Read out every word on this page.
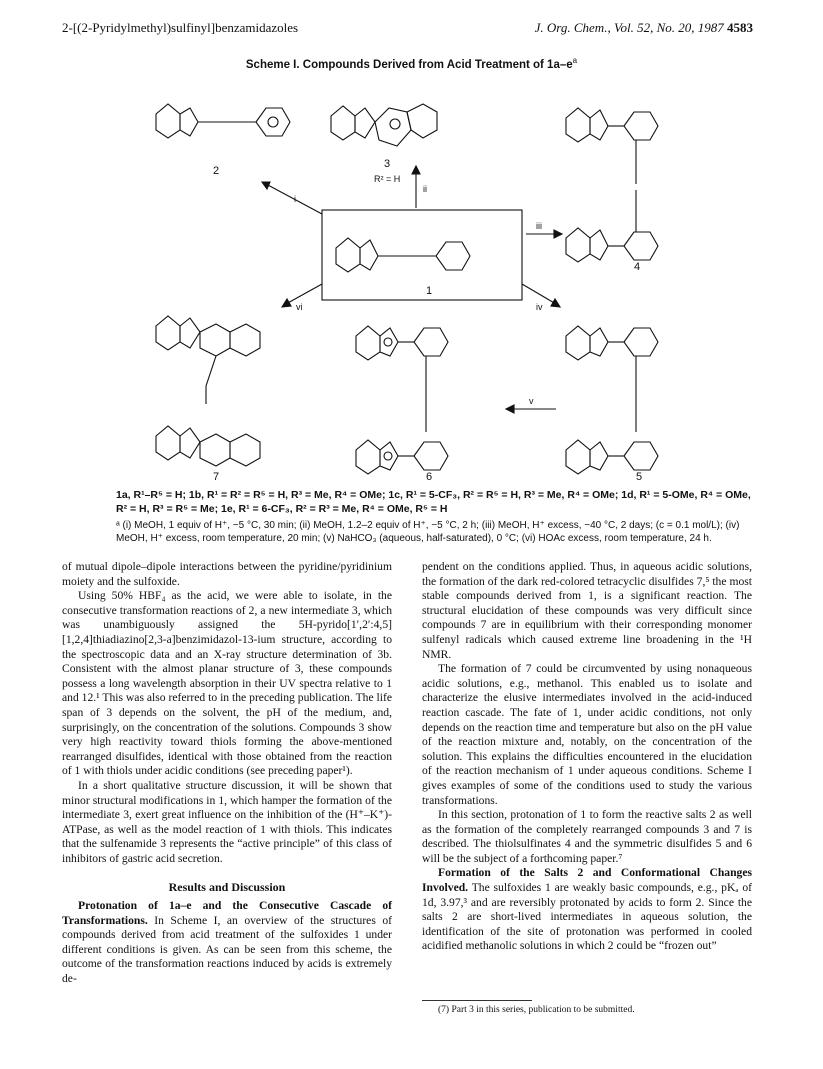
2-[(2-Pyridylmethyl)sulfinyl]benzamidazoles	J. Org. Chem., Vol. 52, No. 20, 1987 4583
Scheme I. Compounds Derived from Acid Treatment of $1a-e^a$
2
3
4
1
7	6	5
i
ii
iii
iv
v
vi
R² = H
1a, R¹–R⁵ = H; 1b, R¹ = R² = R⁵ = H, R³ = Me, R⁴ = OMe; 1c, R¹ = 5-CF₃, R² = R⁵ = H, R³ = Me, R⁴ = OMe; 1d, R¹ = 5-OMe, R⁴ = OMe, R² = H, R³ = R⁵ = Me; 1e, R¹ = 6-CF₃, R² = R³ = Me, R⁴ = OMe, R⁵ = H
ᵃ (i) MeOH, 1 equiv of H⁺, −5 °C, 30 min; (ii) MeOH, 1.2–2 equiv of H⁺, −5 °C, 2 h; (iii) MeOH, H⁺ excess, −40 °C, 2 days; (c = 0.1 mol/L); (iv) MeOH, H⁺ excess, room temperature, 20 min; (v) NaHCO₃ (aqueous, half-saturated), 0 °C; (vi) HOAc excess, room temperature, 24 h.

of mutual dipole–dipole interactions between the pyridine/pyridinium moiety and the sulfoxide.

Using 50% HBF₄ as the acid, we were able to isolate, in the consecutive transformation reactions of 2, a new intermediate 3, which was unambiguously assigned the 5H-pyrido[1′,2′:4,5][1,2,4]thiadiazino[2,3-a]benzimidazol-13-ium structure, according to the spectroscopic data and an X-ray structure determination of 3b. Consistent with the almost planar structure of 3, these compounds possess a long wavelength absorption in their UV spectra relative to 1 and 12.¹ This was also referred to in the preceding publication. The life span of 3 depends on the solvent, the pH of the medium, and, surprisingly, on the concentration of the solutions. Compounds 3 show very high reactivity toward thiols forming the above-mentioned rearranged disulfides, identical with those obtained from the reaction of 1 with thiols under acidic conditions (see preceding paper¹).

In a short qualitative structure discussion, it will be shown that minor structural modifications in 1, which hamper the formation of the intermediate 3, exert great influence on the inhibition of the (H⁺–K⁺)-ATPase, as well as the model reaction of 1 with thiols. This indicates that the sulfenamide 3 represents the “active principle” of this class of inhibitors of gastric acid secretion.

Results and Discussion

Protonation of 1a–e and the Consecutive Cascade of Transformations. In Scheme I, an overview of the structures of compounds derived from acid treatment of the sulfoxides 1 under different conditions is given. As can be seen from this scheme, the outcome of the transformation reactions induced by acids is extremely de-

pendent on the conditions applied. Thus, in aqueous acidic solutions, the formation of the dark red-colored tetracyclic disulfides 7,⁵ the most stable compounds derived from 1, is a significant reaction. The structural elucidation of these compounds was very difficult since compounds 7 are in equilibrium with their corresponding monomer sulfenyl radicals which caused extreme line broadening in the ¹H NMR.

The formation of 7 could be circumvented by using nonaqueous acidic solutions, e.g., methanol. This enabled us to isolate and characterize the elusive intermediates involved in the acid-induced reaction cascade. The fate of 1, under acidic conditions, not only depends on the reaction time and temperature but also on the pH value of the reaction mixture and, notably, on the concentration of the solution. This explains the difficulties encountered in the elucidation of the reaction mechanism of 1 under aqueous conditions. Scheme I gives examples of some of the conditions used to study the various transformations.

In this section, protonation of 1 to form the reactive salts 2 as well as the formation of the completely rearranged compounds 3 and 7 is described. The thiolsulfinates 4 and the symmetric disulfides 5 and 6 will be the subject of a forthcoming paper.⁷

Formation of the Salts 2 and Conformational Changes Involved. The sulfoxides 1 are weakly basic compounds, e.g., pKₐ of 1d, 3.97,³ and are reversibly protonated by acids to form 2. Since the salts 2 are short-lived intermediates in aqueous solution, the identification of the site of protonation was performed in cooled acidified methanolic solutions in which 2 could be “frozen out”

(7) Part 3 in this series, publication to be submitted.
